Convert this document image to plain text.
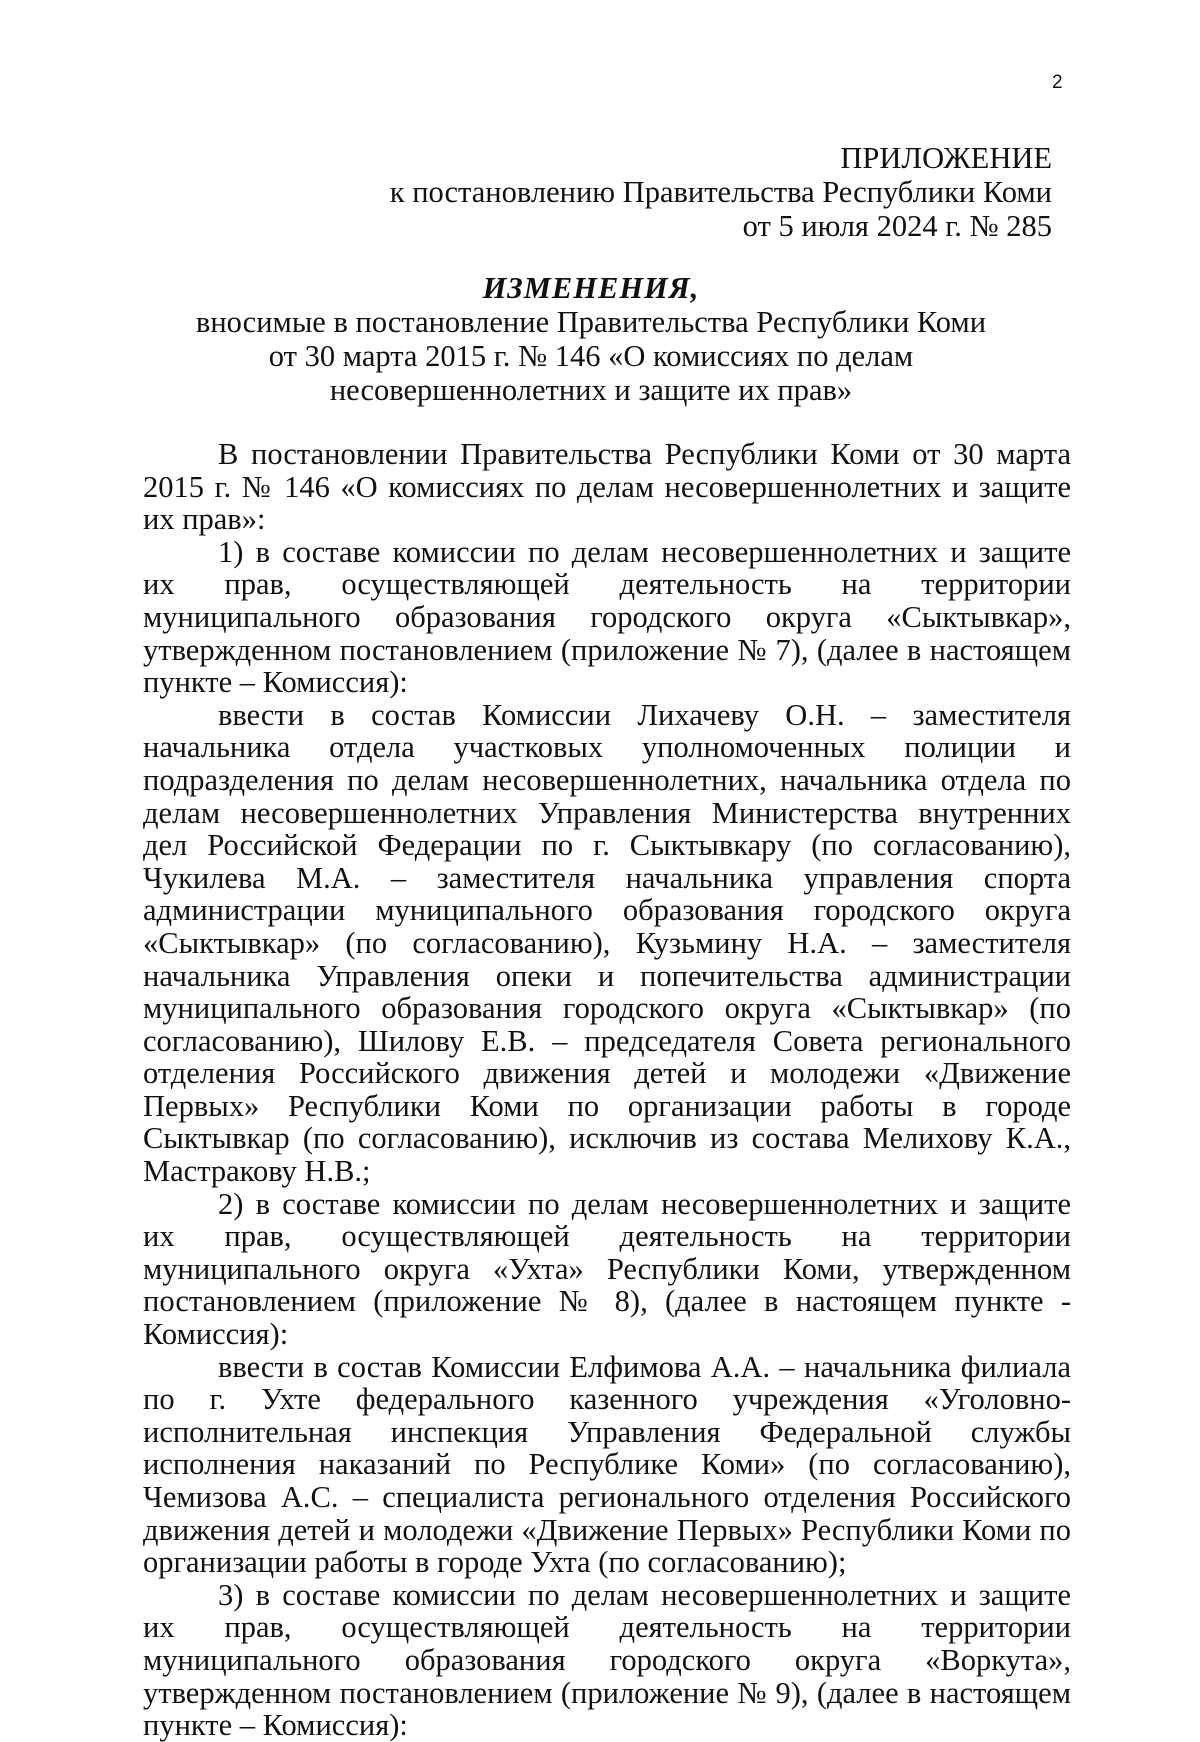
2
ПРИЛОЖЕНИЕ
к постановлению Правительства Республики Коми
от 5 июля 2024 г. № 285
ИЗМЕНЕНИЯ,
вносимые в постановление Правительства Республики Коми
от 30 марта 2015 г. № 146 «О комиссиях по делам
несовершеннолетних и защите их прав»

В постановлении Правительства Республики Коми от 30 марта 2015 г. № 146 «О комиссиях по делам несовершеннолетних и защите их прав»:

1) в составе комиссии по делам несовершеннолетних и защите их прав, осуществляющей деятельность на территории муниципального образования городского округа «Сыктывкар», утвержденном постановлением (приложение № 7), (далее в настоящем пункте – Комиссия):

ввести в состав Комиссии Лихачеву О.Н. – заместителя начальника отдела участковых уполномоченных полиции и подразделения по делам несовершеннолетних, начальника отдела по делам несовершеннолетних Управления Министерства внутренних дел Российской Федерации по г. Сыктывкару (по согласованию), Чукилева М.А. – заместителя начальника управления спорта администрации муниципального образования городского округа «Сыктывкар» (по согласованию), Кузьмину Н.А. – заместителя начальника Управления опеки и попечительства администрации муниципального образования городского округа «Сыктывкар» (по согласованию), Шилову Е.В. – председателя Совета регионального отделения Российского движения детей и молодежи «Движение Первых» Республики Коми по организации работы в городе Сыктывкар (по согласованию), исключив из состава Мелихову К.А., Мастракову Н.В.;

2) в составе комиссии по делам несовершеннолетних и защите их прав, осуществляющей деятельность на территории муниципального округа «Ухта» Республики Коми, утвержденном постановлением (приложение № 8), (далее в настоящем пункте - Комиссия):

ввести в состав Комиссии Елфимова А.А. – начальника филиала по г. Ухте федерального казенного учреждения «Уголовно-исполнительная инспекция Управления Федеральной службы исполнения наказаний по Республике Коми» (по согласованию), Чемизова А.С. – специалиста регионального отделения Российского движения детей и молодежи «Движение Первых» Республики Коми по организации работы в городе Ухта (по согласованию);

3) в составе комиссии по делам несовершеннолетних и защите их прав, осуществляющей деятельность на территории муниципального образования городского округа «Воркута», утвержденном постановлением (приложение № 9), (далее в настоящем пункте – Комиссия):
